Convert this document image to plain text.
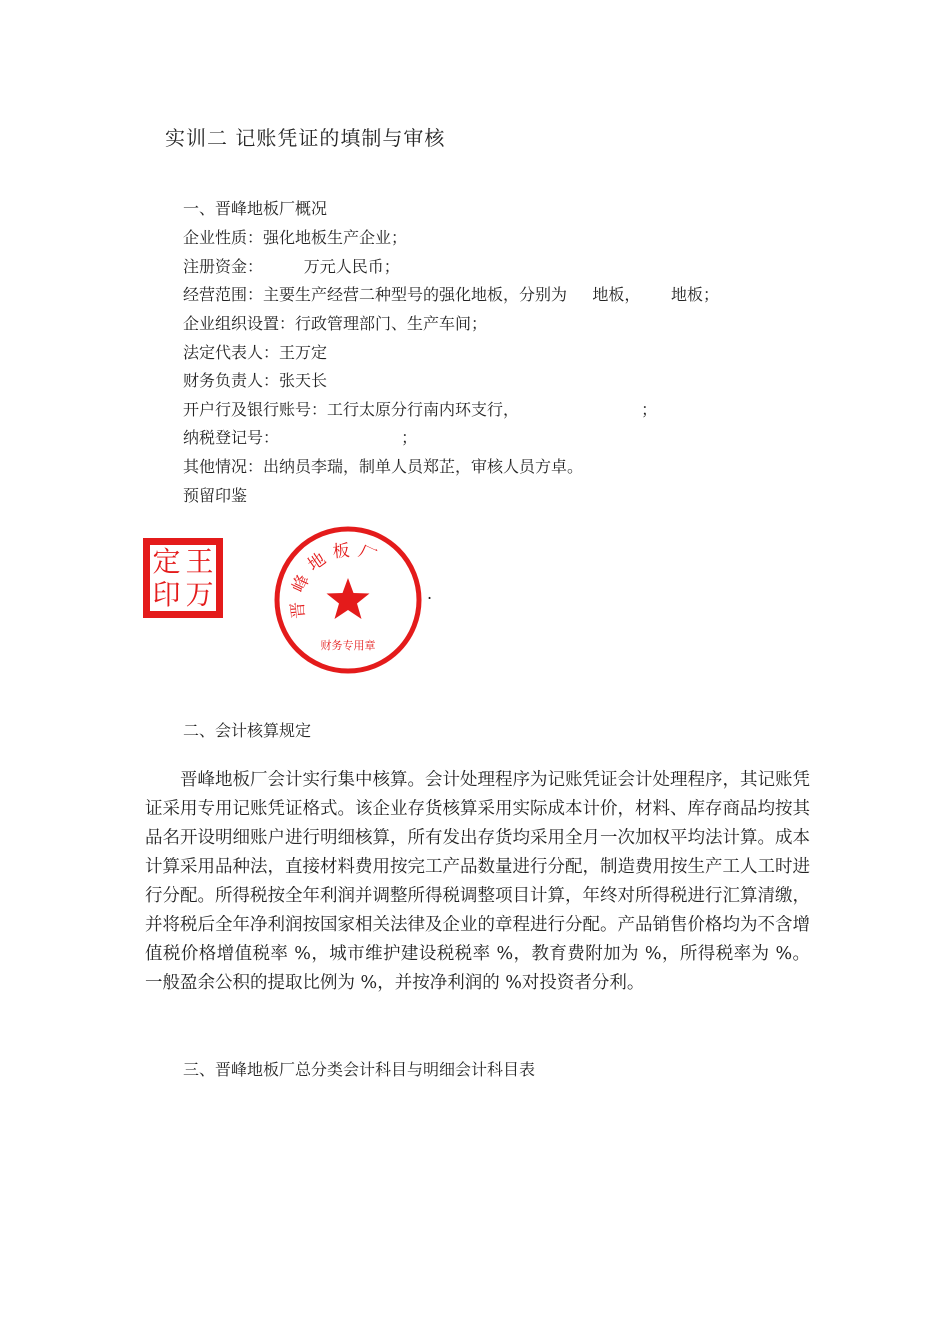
实训二 记账凭证的填制与审核
一、晋峰地板厂概况
企业性质：强化地板生产企业；
注册资金：        万元人民币；
经营范围：主要生产经营二种型号的强化地板，分别为     地板，      地板；
企业组织设置：行政管理部门、生产车间；
法定代表人：王万定
财务负责人：张天长
开户行及银行账号：工行太原分行南内环支行，                        ；
纳税登记号：                        ；
其他情况：出纳员李瑞，制单人员郑芷，审核人员方卓。
预留印鉴
王
万
定
印	晋峰地板厂
财务专用章
.
二、会计核算规定
晋峰地板厂会计实行集中核算。会计处理程序为记账凭证会计处理程序，其记账凭证采用专用记账凭证格式。该企业存货核算采用实际成本计价，材料、库存商品均按其品名开设明细账户进行明细核算，所有发出存货均采用全月一次加权平均法计算。成本计算采用品种法，直接材料费用按完工产品数量进行分配，制造费用按生产工人工时进行分配。所得税按全年利润并调整所得税调整项目计算，年终对所得税进行汇算清缴，并将税后全年净利润按国家相关法律及企业的章程进行分配。产品销售价格均为不含增值税价格增值税率 %，城市维护建设税税率 %，教育费附加为 %，所得税率为 %。一般盈余公积的提取比例为 %，并按净利润的 %对投资者分利。
三、晋峰地板厂总分类会计科目与明细会计科目表
